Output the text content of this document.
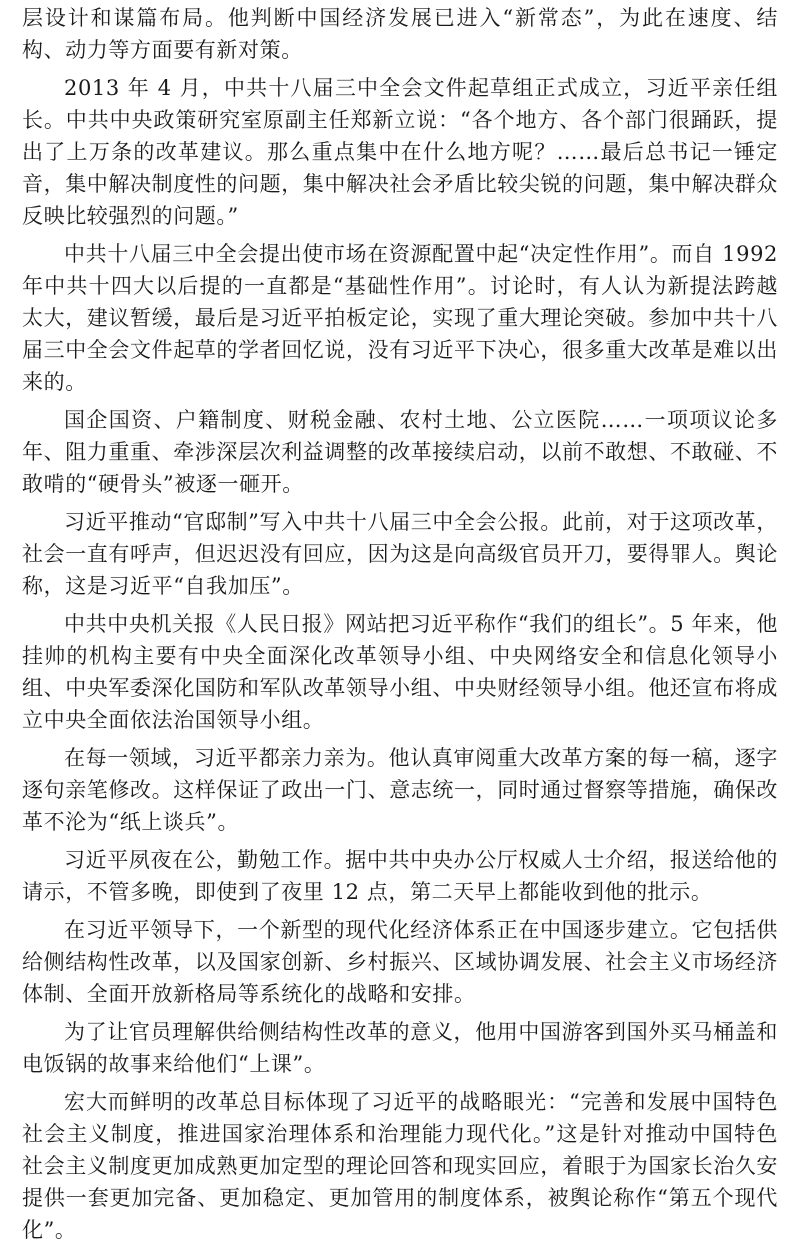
层设计和谋篇布局。他判断中国经济发展已进入“新常态”，为此在速度、结构、动力等方面要有新对策。

2013 年 4 月，中共十八届三中全会文件起草组正式成立，习近平亲任组长。中共中央政策研究室原副主任郑新立说：“各个地方、各个部门很踊跃，提出了上万条的改革建议。那么重点集中在什么地方呢？……最后总书记一锤定音，集中解决制度性的问题，集中解决社会矛盾比较尖锐的问题，集中解决群众反映比较强烈的问题。”

中共十八届三中全会提出使市场在资源配置中起“决定性作用”。而自 1992 年中共十四大以后提的一直都是“基础性作用”。讨论时，有人认为新提法跨越太大，建议暂缓，最后是习近平拍板定论，实现了重大理论突破。参加中共十八届三中全会文件起草的学者回忆说，没有习近平下决心，很多重大改革是难以出来的。

国企国资、户籍制度、财税金融、农村土地、公立医院……一项项议论多年、阻力重重、牵涉深层次利益调整的改革接续启动，以前不敢想、不敢碰、不敢啃的“硬骨头”被逐一砸开。

习近平推动“官邸制”写入中共十八届三中全会公报。此前，对于这项改革，社会一直有呼声，但迟迟没有回应，因为这是向高级官员开刀，要得罪人。舆论称，这是习近平“自我加压”。

中共中央机关报《人民日报》网站把习近平称作“我们的组长”。5 年来，他挂帅的机构主要有中央全面深化改革领导小组、中央网络安全和信息化领导小组、中央军委深化国防和军队改革领导小组、中央财经领导小组。他还宣布将成立中央全面依法治国领导小组。

在每一领域，习近平都亲力亲为。他认真审阅重大改革方案的每一稿，逐字逐句亲笔修改。这样保证了政出一门、意志统一，同时通过督察等措施，确保改革不沦为“纸上谈兵”。

习近平夙夜在公，勤勉工作。据中共中央办公厅权威人士介绍，报送给他的请示，不管多晚，即使到了夜里 12 点，第二天早上都能收到他的批示。

在习近平领导下，一个新型的现代化经济体系正在中国逐步建立。它包括供给侧结构性改革，以及国家创新、乡村振兴、区域协调发展、社会主义市场经济体制、全面开放新格局等系统化的战略和安排。

为了让官员理解供给侧结构性改革的意义，他用中国游客到国外买马桶盖和电饭锅的故事来给他们“上课”。

宏大而鲜明的改革总目标体现了习近平的战略眼光：“完善和发展中国特色社会主义制度，推进国家治理体系和治理能力现代化。”这是针对推动中国特色社会主义制度更加成熟更加定型的理论回答和现实回应，着眼于为国家长治久安提供一套更加完备、更加稳定、更加管用的制度体系，被舆论称作“第五个现代化”。
